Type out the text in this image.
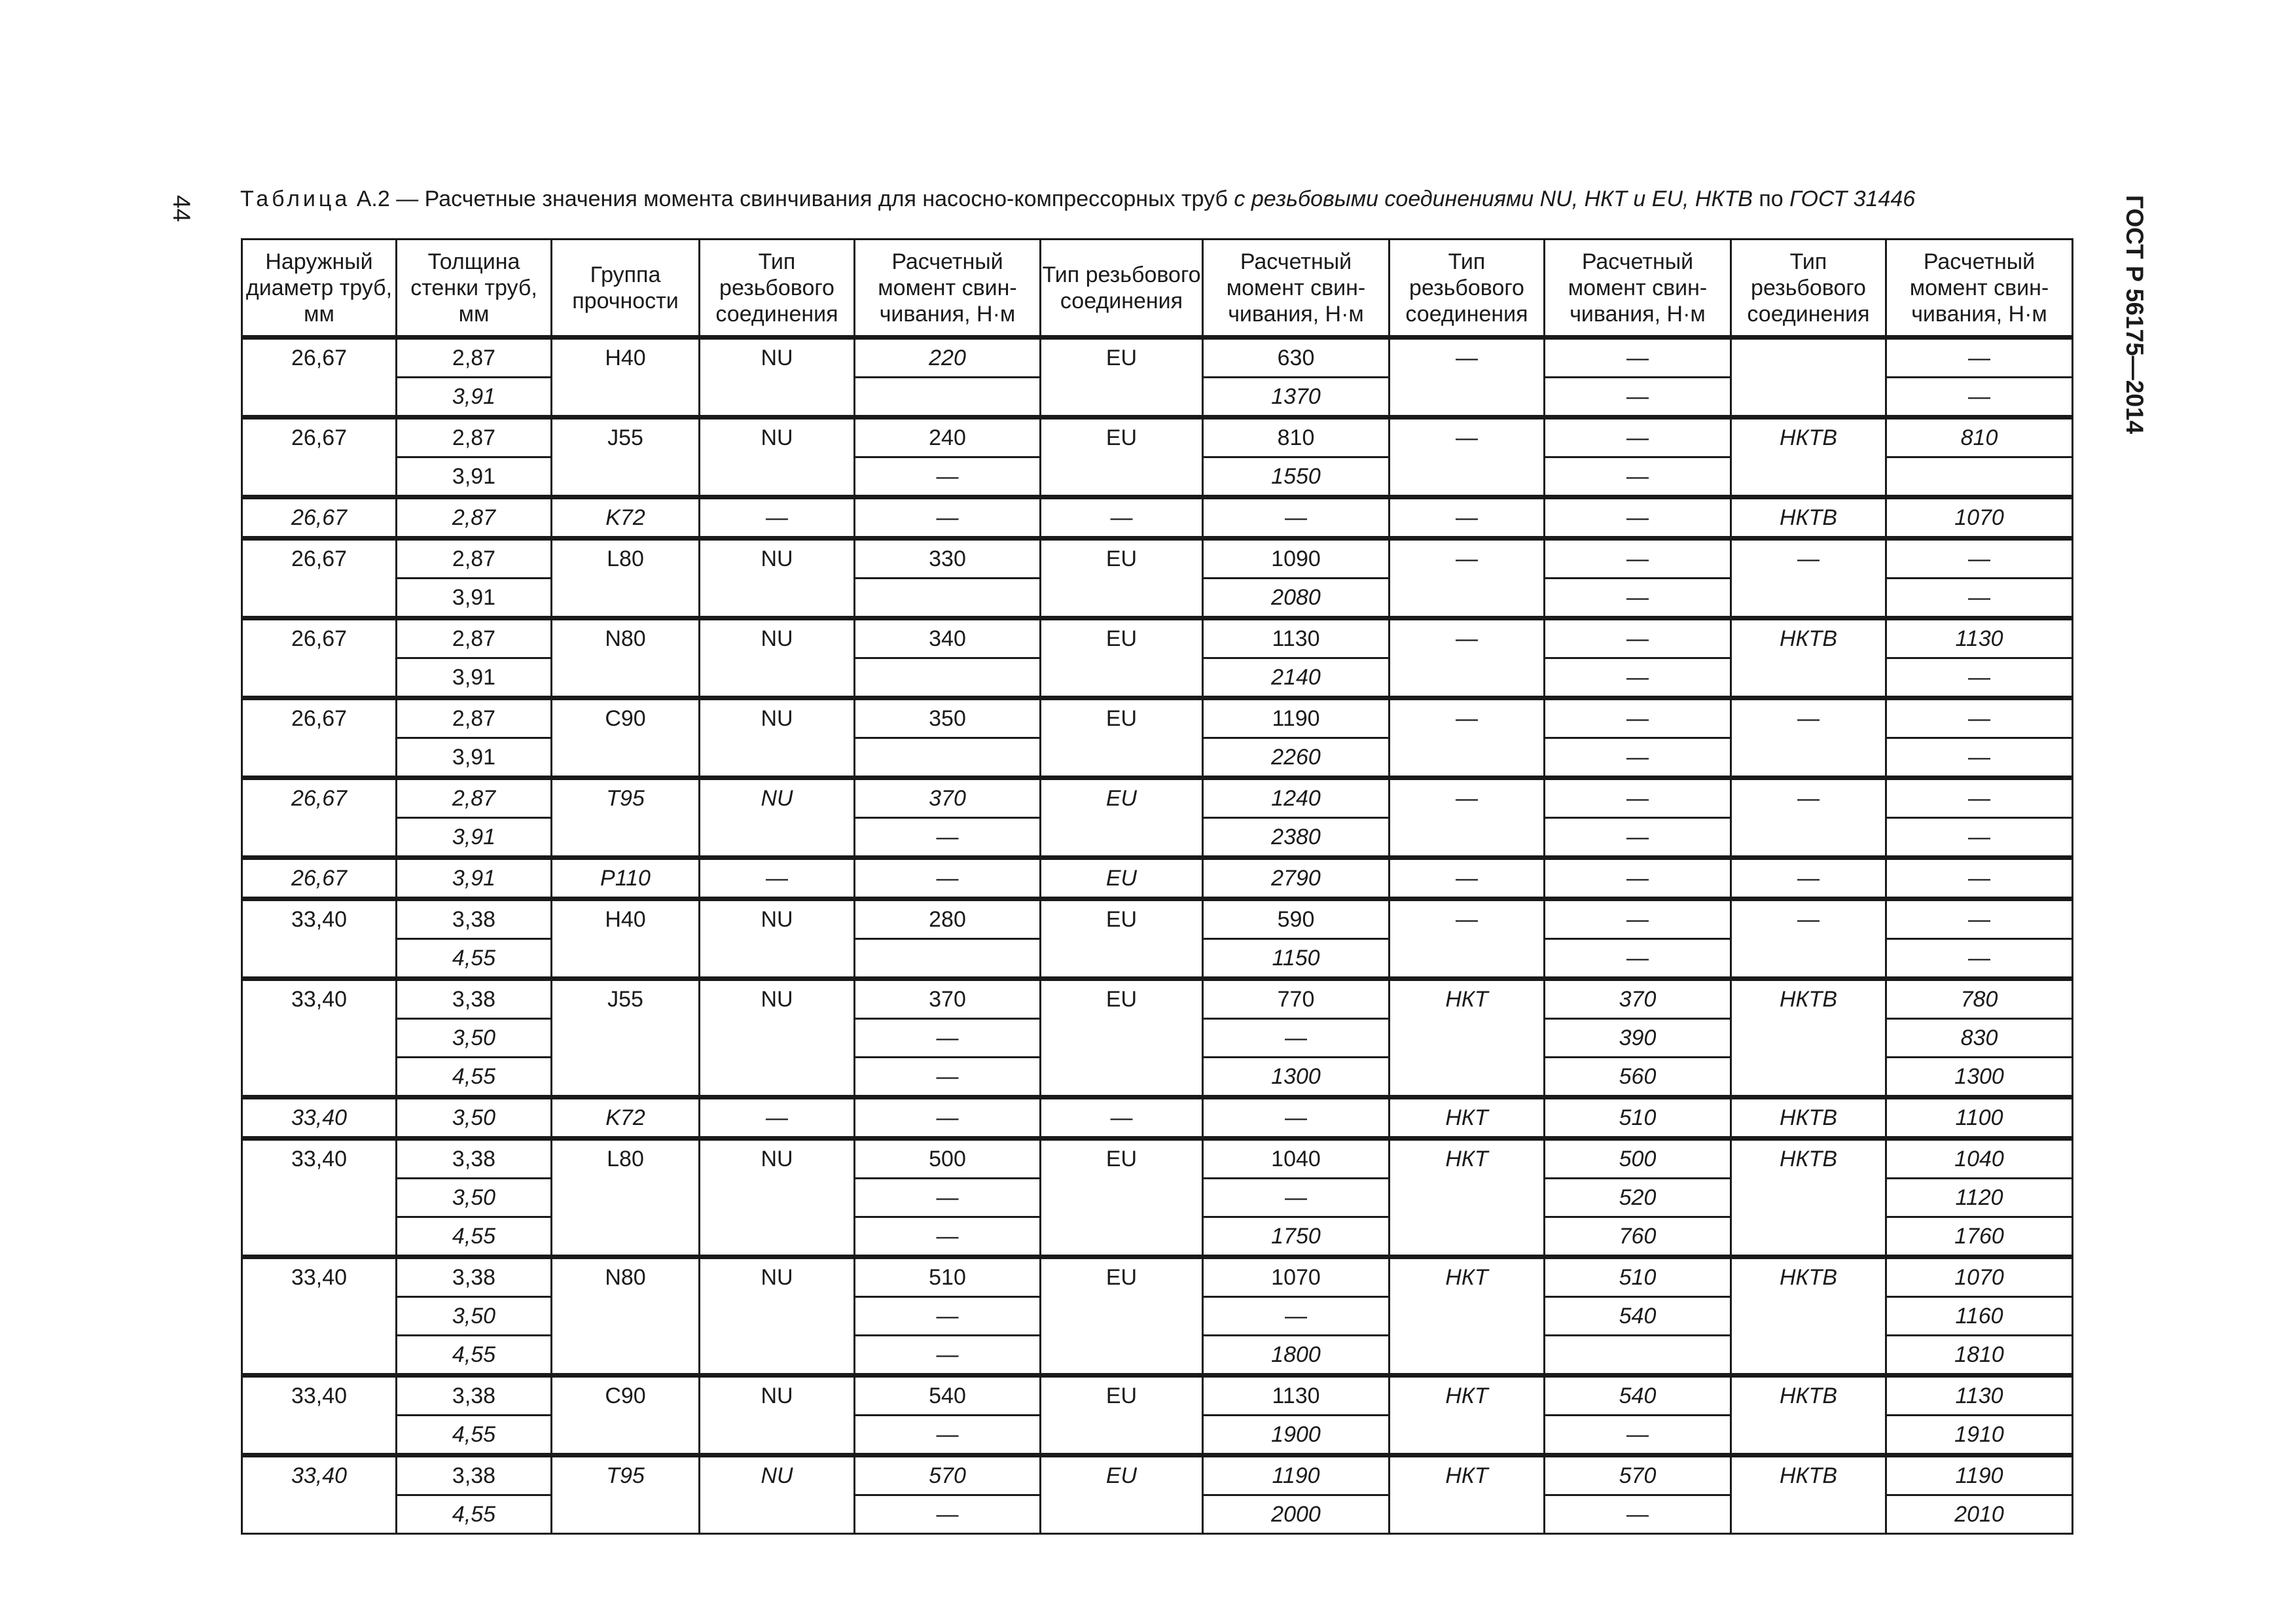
44	ГОСТ Р 56175—2014
Таблица А.2 — Расчетные значения момента свинчивания для насосно-компрессорных труб с резьбовыми соединениями NU, НКТ и EU, НКТВ по ГОСТ 31446
Наружный диаметр труб, мм	Толщина стенки труб, мм	Группа прочности	Тип резьбового соединения	Расчетный момент свин-чивания, Н·м	Тип резьбового соединения	Расчетный момент свин-чивания, Н·м	Тип резьбового соединения	Расчетный момент свин-чивания, Н·м	Тип резьбового соединения	Расчетный момент свин-чивания, Н·м
26,67	2,87	H40	NU	220	EU	630	—	—		—
	3,91					1370		—		—
26,67	2,87	J55	NU	240	EU	810	—	—	НКТВ	810
	3,91			—		1550		—		
26,67	2,87	K72	—	—	—	—	—	—	НКТВ	1070
26,67	2,87	L80	NU	330	EU	1090	—	—	—	—
	3,91					2080		—		—
26,67	2,87	N80	NU	340	EU	1130	—	—	НКТВ	1130
	3,91					2140		—		—
26,67	2,87	C90	NU	350	EU	1190	—	—	—	—
	3,91					2260		—		—
26,67	2,87	T95	NU	370	EU	1240	—	—	—	—
	3,91			—		2380		—		—
26,67	3,91	P110	—	—	EU	2790	—	—	—	—
33,40	3,38	H40	NU	280	EU	590	—	—	—	—
	4,55					1150		—		—
33,40	3,38	J55	NU	370	EU	770	НКТ	370	НКТВ	780
	3,50			—		—		390		830
	4,55			—		1300		560		1300
33,40	3,50	K72	—	—	—	—	НКТ	510	НКТВ	1100
33,40	3,38	L80	NU	500	EU	1040	НКТ	500	НКТВ	1040
	3,50			—		—		520		1120
	4,55			—		1750		760		1760
33,40	3,38	N80	NU	510	EU	1070	НКТ	510	НКТВ	1070
	3,50			—		—		540		1160
	4,55			—		1800				1810
33,40	3,38	C90	NU	540	EU	1130	НКТ	540	НКТВ	1130
	4,55			—		1900		—		1910
33,40	3,38	T95	NU	570	EU	1190	НКТ	570	НКТВ	1190
	4,55			—		2000		—		2010
